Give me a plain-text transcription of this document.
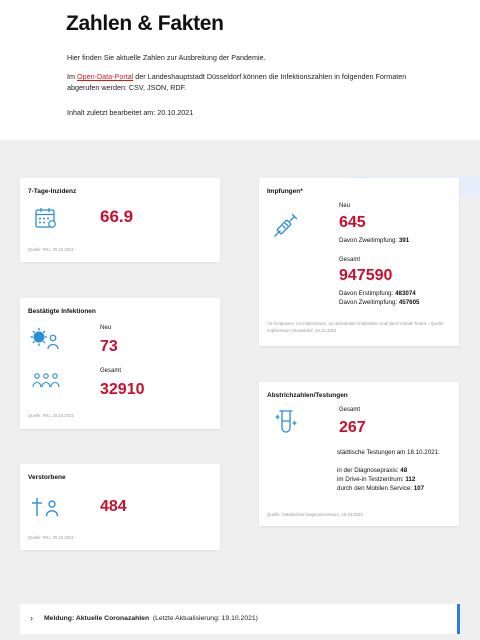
Zahlen & Fakten
Hier finden Sie aktuelle Zahlen zur Ausbreitung der Pandemie.
Im Open-Data-Portal der Landeshauptstadt Düsseldorf können die Infektionszahlen in folgenden Formaten abgerufen werden: CSV, JSON, RDF.
Inhalt zuletzt bearbeitet am: 20.10.2021
7-Tage-Inzidenz
66.9
Quelle: RKI, 20.10.2021
Bestätigte Infektionen
Neu
73
Gesamt
32910
Quelle: RKI, 20.10.2021
Verstorbene
484
Quelle: RKI, 20.10.2021
Impfungen*
Neu
645
Davon Zweitimpfung: 391
Gesamt
947590
Davon Erstimpfung: 483074
Davon Zweitimpfung: 457605
*In Arztpraxen, im Impfzentrum, an dezentralen Impfstellen und durch mobile Teams - Quelle: Impfzentrum Düsseldorf, 19.10.2021
Abstrichzahlen/Testungen
Gesamt
267
städtische Testungen am 18.10.2021:
in der Diagnosepraxis: 48
im Drive-in Testzentrum: 112
durch den Mobilen Service: 107
Quelle: Städtisches Diagnosezentrum, 19.10.2021
› Meldung: Aktuelle Coronazahlen  (Letzte Aktualisierung: 19.10.2021)
